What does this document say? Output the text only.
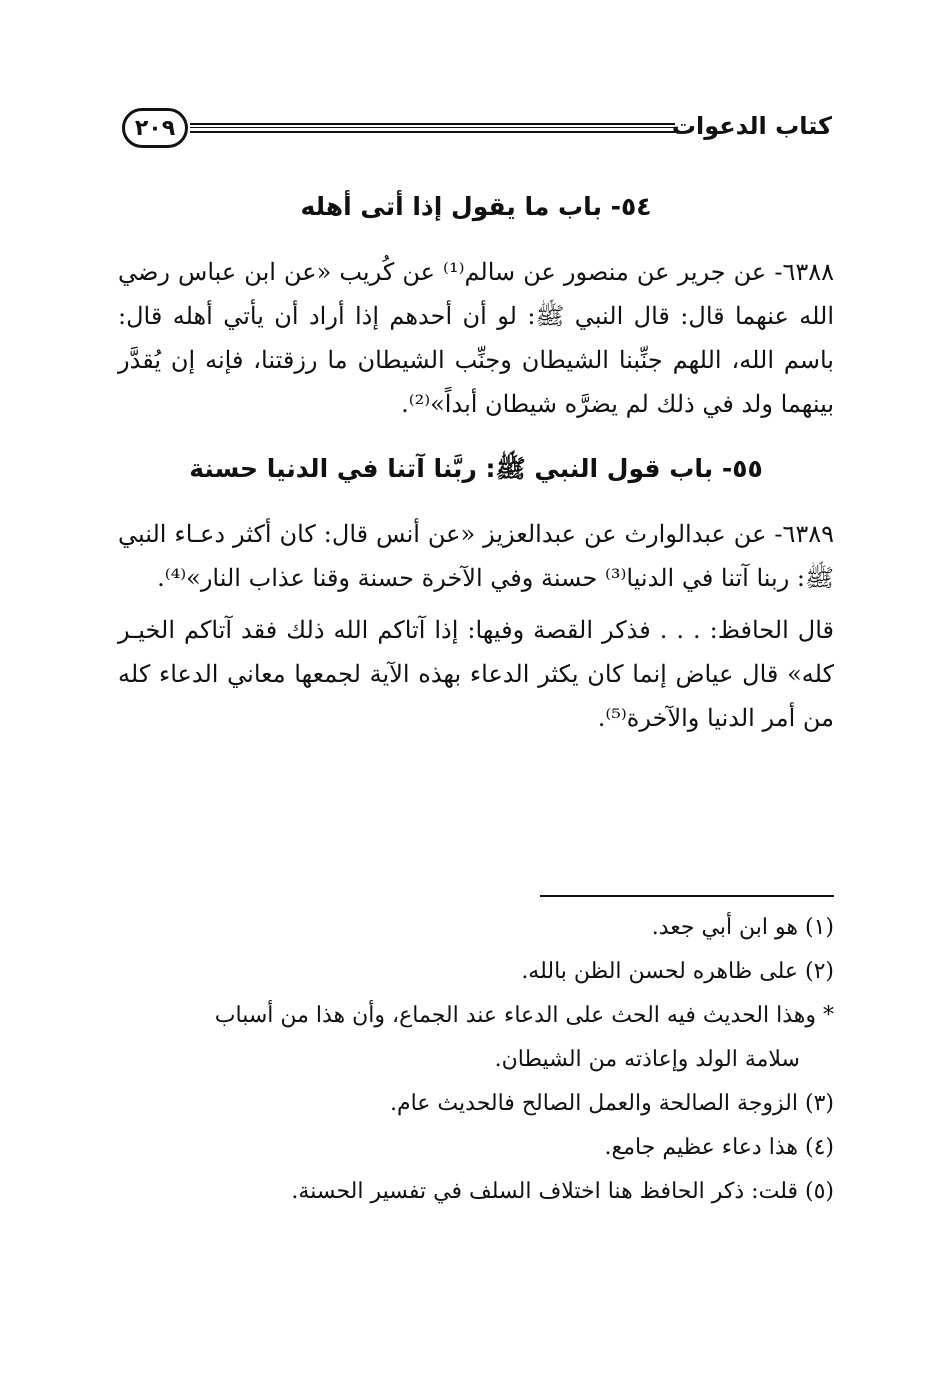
كتاب الدعوات
٢٠٩
٥٤- باب ما يقول إذا أتى أهله

٦٣٨٨- عن جرير عن منصور عن سالم⁽¹⁾ عن كُريب «عن ابن عباس رضي الله عنهما قال: قال النبي ﷺ: لو أن أحدهم إذا أراد أن يأتي أهله قال: باسم الله، اللهم جنِّبنا الشيطان وجنِّب الشيطان ما رزقتنا، فإنه إن يُقدَّر بينهما ولد في ذلك لم يضرَّه شيطان أبداً»⁽²⁾.

٥٥- باب قول النبي ﷺ: ربَّنا آتنا في الدنيا حسنة

٦٣٨٩- عن عبدالوارث عن عبدالعزيز «عن أنس قال: كان أكثر دعـاء النبي ﷺ: ربنا آتنا في الدنيا⁽³⁾ حسنة وفي الآخرة حسنة وقنا عذاب النار»⁽⁴⁾.

قال الحافظ: . . . فذكر القصة وفيها: إذا آتاكم الله ذلك فقد آتاكم الخيـر كله» قال عياض إنما كان يكثر الدعاء بهذه الآية لجمعها معاني الدعاء كله من أمر الدنيا والآخرة⁽⁵⁾.

(١) هو ابن أبي جعد.

(٢) على ظاهره لحسن الظن بالله.

* وهذا الحديث فيه الحث على الدعاء عند الجماع، وأن هذا من أسباب
سلامة الولد وإعاذته من الشيطان.

(٣) الزوجة الصالحة والعمل الصالح فالحديث عام.

(٤) هذا دعاء عظيم جامع.

(٥) قلت: ذكر الحافظ هنا اختلاف السلف في تفسير الحسنة.
